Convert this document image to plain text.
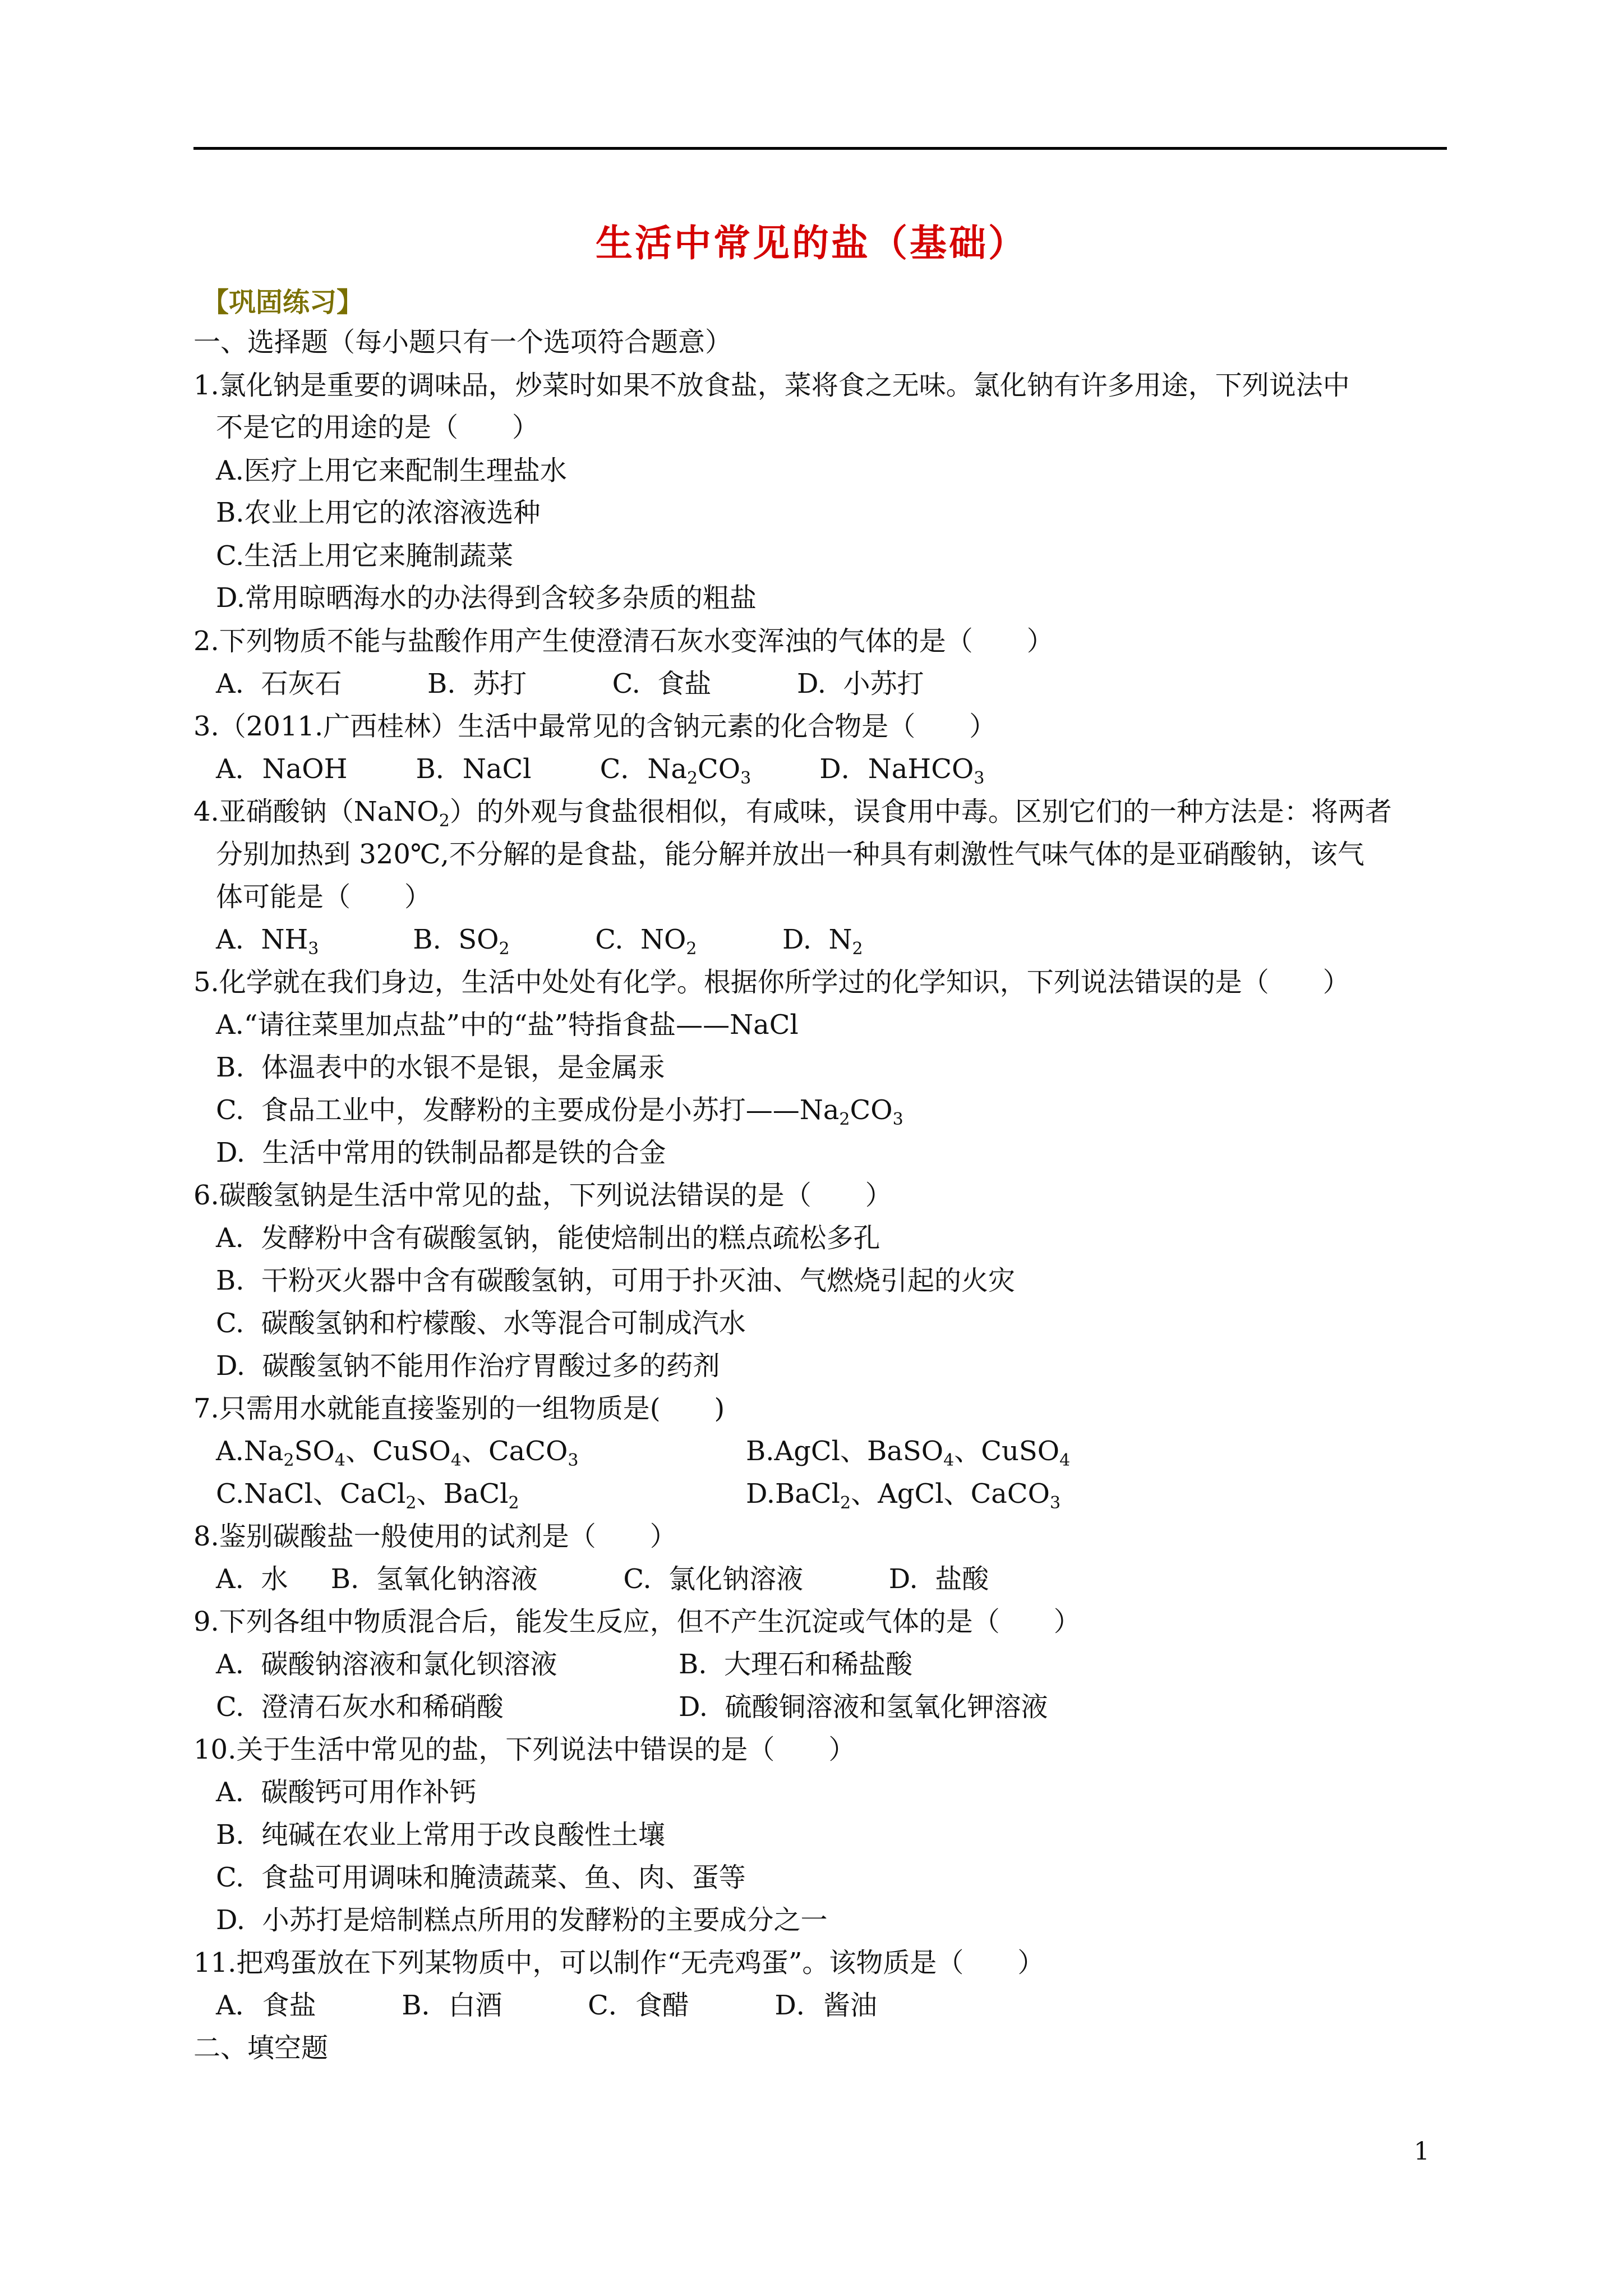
生活中常见的盐（基础）
【巩固练习】
一、选择题（每小题只有一个选项符合题意）
1.氯化钠是重要的调味品，炒菜时如果不放食盐，菜将食之无味。氯化钠有许多用途，下列说法中
不是它的用途的是（　　）
A.医疗上用它来配制生理盐水
B.农业上用它的浓溶液选种
C.生活上用它来腌制蔬菜
D.常用晾晒海水的办法得到含较多杂质的粗盐
2.下列物质不能与盐酸作用产生使澄清石灰水变浑浊的气体的是（　　）
A.  石灰石          B.  苏打          C.  食盐          D.  小苏打
3.（2011.广西桂林）生活中最常见的含钠元素的化合物是（　　）
A．NaOH        B．NaCl        C．$Na_2CO_3$        D．NaHCO$_3$
4.亚硝酸钠（NaNO$_2$）的外观与食盐很相似，有咸味，误食用中毒。区别它们的一种方法是：将两者
分别加热到 320℃,不分解的是食盐，能分解并放出一种具有刺激性气味气体的是亚硝酸钠，该气
体可能是（　　）
A.  $NH_3$           B.  $SO_2$          C.  $NO_2$          D.  $N_2$
5.化学就在我们身边，生活中处处有化学。根据你所学过的化学知识，下列说法错误的是（　　）
A.“请往菜里加点盐”中的“盐”特指食盐——NaCl
B.  体温表中的水银不是银，是金属汞
C.  食品工业中，发酵粉的主要成份是小苏打$——Na_2CO_3$
D.  生活中常用的铁制品都是铁的合金
6.碳酸氢钠是生活中常见的盐，下列说法错误的是（　　）
A.  发酵粉中含有碳酸氢钠，能使焙制出的糕点疏松多孔
B.  干粉灭火器中含有碳酸氢钠，可用于扑灭油、气燃烧引起的火灾
C.  碳酸氢钠和柠檬酸、水等混合可制成汽水
D.  碳酸氢钠不能用作治疗胃酸过多的药剂
7.只需用水就能直接鉴别的一组物质是(　　)
$A.Na_2SO_4$、CuSO$_4$、CaCO$_3$	B.AgCl、BaSO$_4$、CuSO$_4$
C.NaCl、CaCl$_2$、BaCl$_2$	D.BaCl$_2$、AgCl、CaCO$_3$
8.鉴别碳酸盐一般使用的试剂是（　　）
A.  水     B.  氢氧化钠溶液          C.  氯化钠溶液          D.  盐酸
9.下列各组中物质混合后，能发生反应，但不产生沉淀或气体的是（　　）
A.  碳酸钠溶液和氯化钡溶液	B.  大理石和稀盐酸
C.  澄清石灰水和稀硝酸	D.  硫酸铜溶液和氢氧化钾溶液
10.关于生活中常见的盐，下列说法中错误的是（　　）
A.  碳酸钙可用作补钙
B.  纯碱在农业上常用于改良酸性土壤
C.  食盐可用调味和腌渍蔬菜、鱼、肉、蛋等
D.  小苏打是焙制糕点所用的发酵粉的主要成分之一
11.把鸡蛋放在下列某物质中，可以制作“无壳鸡蛋”。该物质是（　　）
A．食盐          B．白酒          C．食醋          D．酱油
二、填空题
1
